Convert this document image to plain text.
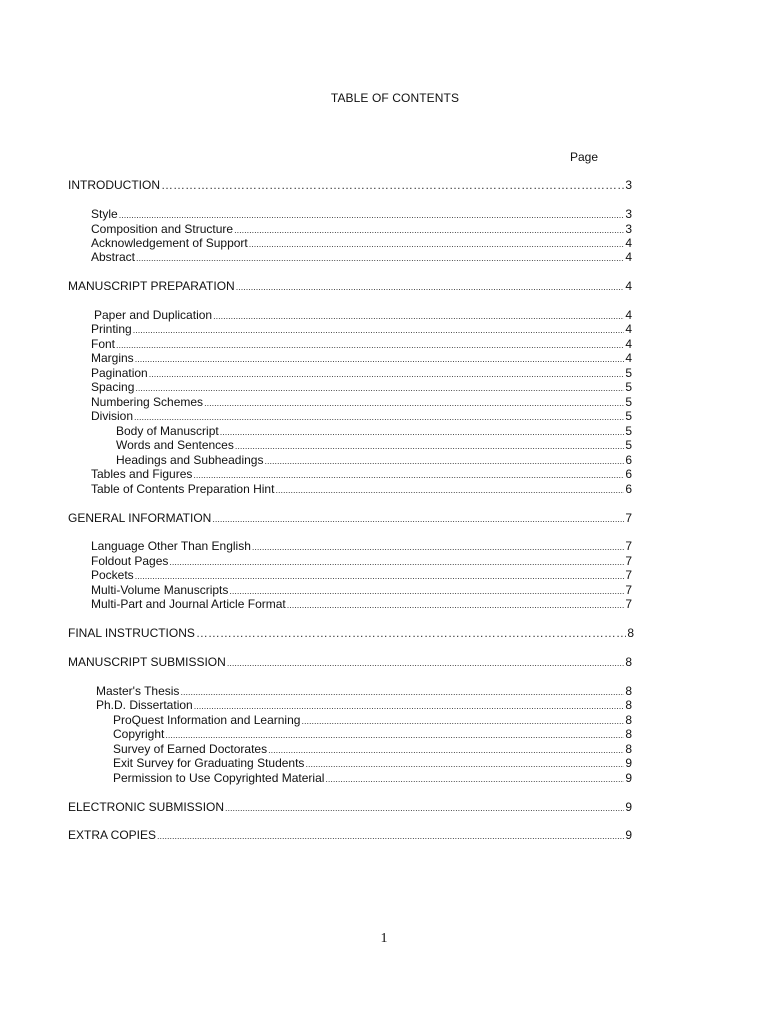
TABLE OF CONTENTS
Page
INTRODUCTION ……………………………………………………………………………………………………………………………………………………………………………	3
Style .....	3
Composition and Structure .....	3
Acknowledgement of Support .....	4
Abstract .....	4
MANUSCRIPT PREPARATION .....	4
Paper and Duplication .....	4
Printing .....	4
Font .....	4
Margins .....	4
Pagination .....	5
Spacing .....	5
Numbering Schemes .....	5
Division .....	5
Body of Manuscript .....	5
Words and Sentences .....	5
Headings and Subheadings .....	6
Tables and Figures .....	6
Table of Contents Preparation Hint .....	6
GENERAL INFORMATION .....	7
Language Other Than English .....	7
Foldout Pages .....	7
Pockets .....	7
Multi-Volume Manuscripts .....	7
Multi-Part and Journal Article Format .....	7
FINAL INSTRUCTIONS ……………………………………………………………………………………………………………………………………………………………………………	8
MANUSCRIPT SUBMISSION .....	8
Master's Thesis .....	8
Ph.D. Dissertation .....	8
ProQuest Information and Learning .....	8
Copyright .....	8
Survey of Earned Doctorates .....	8
Exit Survey for Graduating Students .....	9
Permission to Use Copyrighted Material .....	9
ELECTRONIC SUBMISSION .....	9
EXTRA COPIES .....	9
1
